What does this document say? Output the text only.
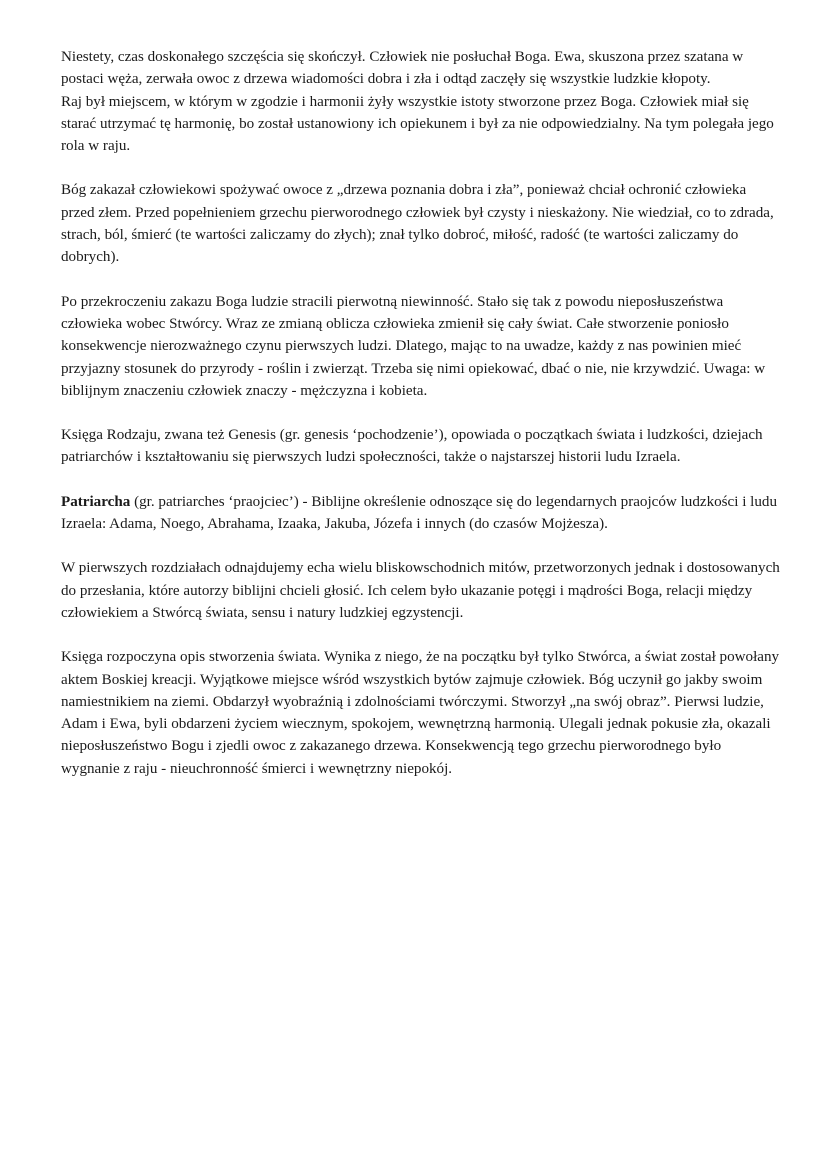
Niestety, czas doskonałego szczęścia się skończył. Człowiek nie posłuchał Boga. Ewa, skuszona przez szatana w postaci węża, zerwała owoc z drzewa wiadomości dobra i zła i odtąd zaczęły się wszystkie ludzkie kłopoty.

Raj był miejscem, w którym w zgodzie i harmonii żyły wszystkie istoty stworzone przez Boga. Człowiek miał się starać utrzymać tę harmonię, bo został ustanowiony ich opiekunem i był za nie odpowiedzialny. Na tym polegała jego rola w raju.

Bóg zakazał człowiekowi spożywać owoce z „drzewa poznania dobra i zła”, ponieważ chciał ochronić człowieka przed złem. Przed popełnieniem grzechu pierworodnego człowiek był czysty i nieskażony. Nie wiedział, co to zdrada, strach, ból, śmierć (te wartości zaliczamy do złych); znał tylko dobroć, miłość, radość (te wartości zaliczamy do dobrych).

Po przekroczeniu zakazu Boga ludzie stracili pierwotną niewinność. Stało się tak z powodu nieposłuszeństwa człowieka wobec Stwórcy. Wraz ze zmianą oblicza człowieka zmienił się cały świat. Całe stworzenie poniosło konsekwencje nierozważnego czynu pierwszych ludzi. Dlatego, mając to na uwadze, każdy z nas powinien mieć przyjazny stosunek do przyrody - roślin i zwierząt. Trzeba się nimi opiekować, dbać o nie, nie krzywdzić. Uwaga: w biblijnym znaczeniu człowiek znaczy - mężczyzna i kobieta.

Księga Rodzaju, zwana też Genesis (gr. genesis ‘pochodzenie’), opowiada o początkach świata i ludzkości, dziejach patriarchów i kształtowaniu się pierwszych ludzi społeczności, także o najstarszej historii ludu Izraela.

Patriarcha (gr. patriarches ‘praojciec’) - Biblijne określenie odnoszące się do legendarnych praojców ludzkości i ludu Izraela: Adama, Noego, Abrahama, Izaaka, Jakuba, Józefa i innych (do czasów Mojżesza).

W pierwszych rozdziałach odnajdujemy echa wielu bliskowschodnich mitów, przetworzonych jednak i dostosowanych do przesłania, które autorzy biblijni chcieli głosić. Ich celem było ukazanie potęgi i mądrości Boga, relacji między człowiekiem a Stwórcą świata, sensu i natury ludzkiej egzystencji.

Księga rozpoczyna opis stworzenia świata. Wynika z niego, że na początku był tylko Stwórca, a świat został powołany aktem Boskiej kreacji. Wyjątkowe miejsce wśród wszystkich bytów zajmuje człowiek. Bóg uczynił go jakby swoim namiestnikiem na ziemi. Obdarzył wyobraźnią i zdolnościami twórczymi. Stworzył „na swój obraz”. Pierwsi ludzie, Adam i Ewa, byli obdarzeni życiem wiecznym, spokojem, wewnętrzną harmonią. Ulegali jednak pokusie zła, okazali nieposłuszeństwo Bogu i zjedli owoc z zakazanego drzewa. Konsekwencją tego grzechu pierworodnego było wygnanie z raju - nieuchronność śmierci i wewnętrzny niepokój.
